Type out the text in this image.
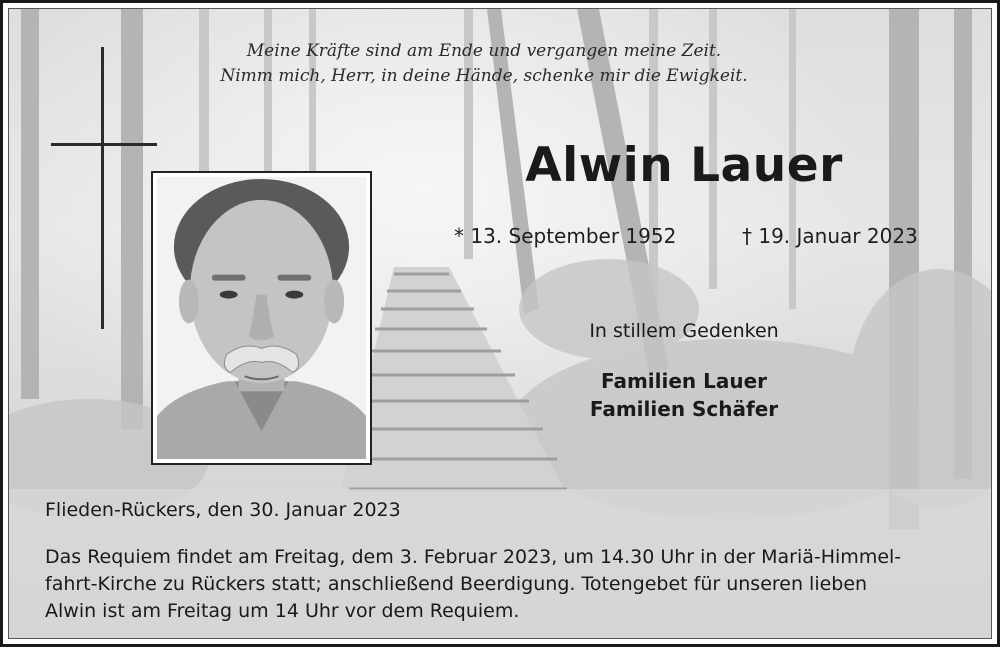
Meine Kräfte sind am Ende und vergangen meine Zeit.
Nimm mich, Herr, in deine Hände, schenke mir die Ewigkeit.
Alwin Lauer
* 13. September 1952	† 19. Januar 2023
In stillem Gedenken
Familien Lauer
Familien Schäfer
Flieden-Rückers, den 30. Januar 2023
Das Requiem findet am Freitag, dem 3. Februar 2023, um 14.30 Uhr in der Mariä-Himmel-
fahrt-Kirche zu Rückers statt; anschließend Beerdigung. Totengebet für unseren lieben
Alwin ist am Freitag um 14 Uhr vor dem Requiem.
